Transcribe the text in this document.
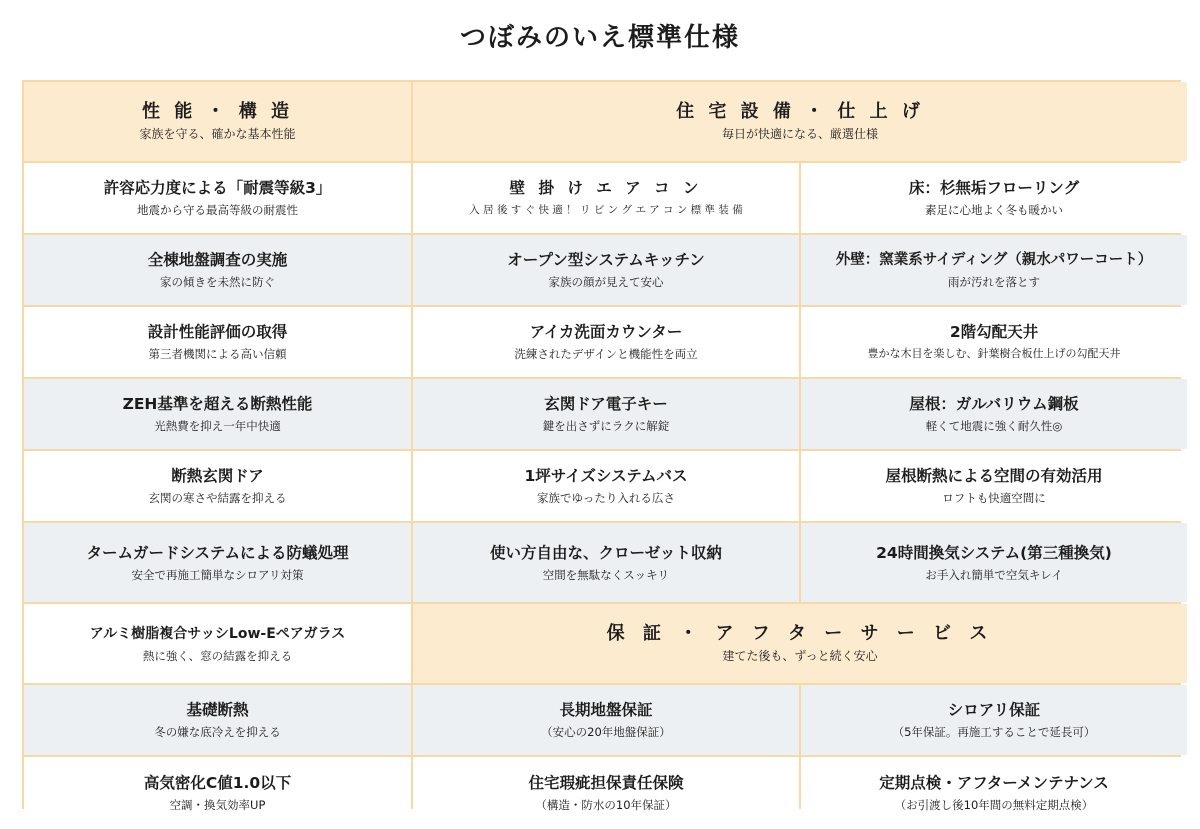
つぼみのいえ標準仕様
性 能 ・ 構 造
家族を守る、確かな基本性能
住 宅 設 備 ・ 仕 上 げ
毎日が快適になる、厳選仕様
許容応力度による「耐震等級3」
地震から守る最高等級の耐震性
壁 掛 け エ ア コ ン
入 居 後 す ぐ 快 適 ！ リ ビ ン グ エ ア コ ン 標 準 装 備
床：杉無垢フローリング
素足に心地よく冬も暖かい
全棟地盤調査の実施
家の傾きを未然に防ぐ
オープン型システムキッチン
家族の顔が見えて安心
外壁：窯業系サイディング（親水パワーコート）
雨が汚れを落とす
設計性能評価の取得
第三者機関による高い信頼
アイカ洗面カウンター
洗練されたデザインと機能性を両立
2階勾配天井
豊かな木目を楽しむ、針葉樹合板仕上げの勾配天井
ZEH基準を超える断熱性能
光熱費を抑え一年中快適
玄関ドア電子キー
鍵を出さずにラクに解錠
屋根：ガルバリウム鋼板
軽くて地震に強く耐久性◎
断熱玄関ドア
玄関の寒さや結露を抑える
1坪サイズシステムバス
家族でゆったり入れる広さ
屋根断熱による空間の有効活用
ロフトも快適空間に
タームガードシステムによる防蟻処理
安全で再施工簡単なシロアリ対策
使い方自由な、クローゼット収納
空間を無駄なくスッキリ
24時間換気システム(第三種換気)
お手入れ簡単で空気キレイ
アルミ樹脂複合サッシLow-Eペアガラス
熱に強く、窓の結露を抑える
保 証 ・ ア フ タ ー サ ー ビ ス
建てた後も、ずっと続く安心
基礎断熱
冬の嫌な底冷えを抑える
長期地盤保証
（安心の20年地盤保証）
シロアリ保証
（5年保証。再施工することで延長可）
高気密化C値1.0以下
空調・換気効率UP
住宅瑕疵担保責任保険
（構造・防水の10年保証）
定期点検・アフターメンテナンス
（お引渡し後10年間の無料定期点検）
